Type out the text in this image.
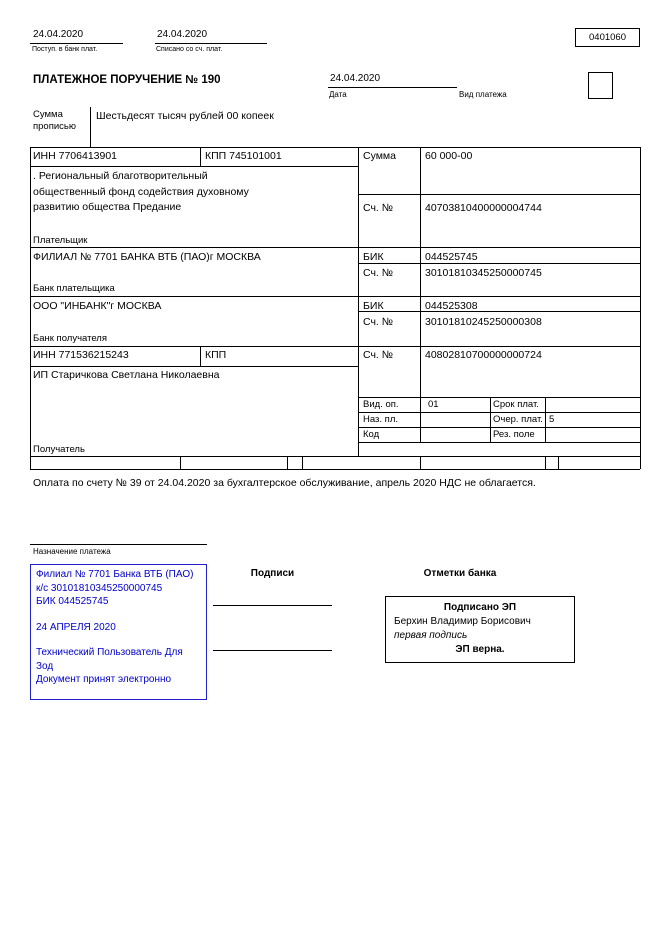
24.04.2020
Поступ. в банк плат.
24.04.2020
Списано со сч. плат.
0401060
ПЛАТЕЖНОЕ ПОРУЧЕНИЕ № 190	24.04.2020
Дата	Вид платежа
Сумма прописью
Шестьдесят тысяч рублей 00 копеек
ИНН 7706413901	КПП 745101001	Сумма	60 000-00
. Региональный благотворительный общественный фонд содействия духовному развитию общества Предание	Сч. №	40703810400000004744
Плательщик
ФИЛИАЛ № 7701 БАНКА ВТБ (ПАО)г МОСКВА	БИК	044525745
Сч. №	30101810345250000745
Банк плательщика
ООО "ИНБАНК"г МОСКВА	БИК	044525308
Сч. №	30101810245250000308
Банк получателя
ИНН 771536215243	КПП	Сч. №	40802810700000000724
ИП Старичкова Светлана Николаевна
Вид. оп.	01	Срок плат.
Наз. пл.	Очер. плат. 5
Код	Рез. поле
Получатель
Оплата по счету № 39 от 24.04.2020 за бухгалтерское обслуживание, апрель 2020 НДС не облагается.
Назначение платежа
Филиал № 7701 Банка ВТБ (ПАО)
к/с 30101810345250000745
БИК 044525745
24 АПРЕЛЯ 2020
Технический Пользователь Для Зод
Документ принят электронно
Подписи	Отметки банка
Подписано ЭП
Берхин Владимир Борисович
первая подпись
ЭП верна.
